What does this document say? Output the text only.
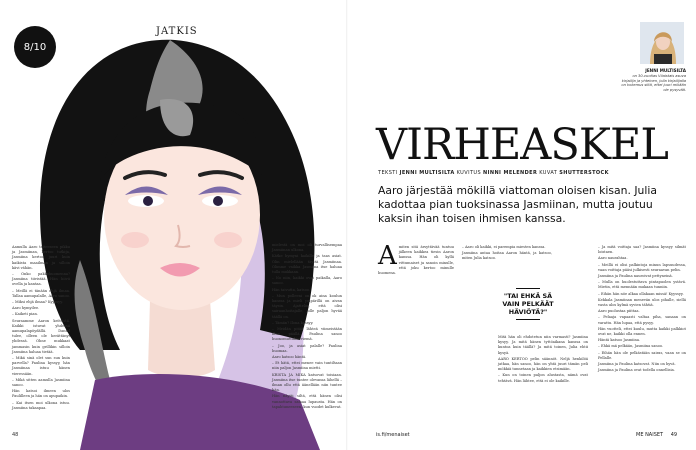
8/10
JATKIS

Aamulla Aaro taiteeseen pikku ja Jasmiinan, kertoo tutkija, Jasmiina kertoo juuri kuin kaikista maailman ja silloin kävi vähän.

– Onko pakkohuomenna? Jasmiina tiivistää. Hän hiivii ovella ja kantaa.

– Meillä ei tänään ehjä ilmaa. Tallaa aamupalalle, Aaro sanoo.

– Miksi ehjä ilmaa? Kyyssyy.

Aaro hymyilee.

– Kaiketi pian.

Seuraamme Aaron kröttistä. Kaikki istuvat yhdessä aamupalapöydällä. Daniel tulee, olleen ole herättänyt yhdessä. Ohne mukkaat jammasin kuin grillikin silloin Jasmiina haluaa tietää.

– Mikä sinä olet sun sun kuin parvella? Paulina kyssyy, hän Jasmiinaa istuu hänen vieressään.

– Mikä sitten aamulla Jasmiina sanoo.

Hän katsoi ilmeen ulos Paulilleen ja hän on apupaikin.

– Kai itsen moi ulkona istuu. Jasmiina takaapaa.

48
JENNI MULTISILTA
on 30-vuotias Viiaistais asuva kirjailija ja yhteinen, jolla kirjailijalla on kokemus siitä, ettei juuri mikään ole pysyvää.
VIRHEASKEL
TEKSTI JENNI MULTISILTA KUVITUS NINNI MELENDER KUVAT SHUTTERSTOCK
Aaro järjestää mökillä viattoman oloisen kisan. Julia kadottaa pian tuoksinassa Jasmiinan, mutta joutuu kaksin ihan toisen ihmisen kanssa.

mielestä on moi oli turvallisempaa Jasmiinan ulkona.

Kätke hymyni kaikille ja taas asiat. Olin mielellään täyttä Jasmiinaa. Olimme vaikka Jasmiina itse haluaa tulla mukkaan.

– No niin, kaikki ovat paikalla, Aaro sanoo.

Hän taivutta, katsoo.

– Mun polleeni on ok aina koulun kanssa ja mieli ympärillä on aivan täysin. Ajattelin, että olisi sairaanhoitajalle, jolle paljon hyvää täällä on.

– Tämän? Ilona kyssyy.

– Meidän pitää lähteä viimeistään illan päällä. Paulina sanoo huonomuttakin viemä.

– Joo, ja asiat palalle? Paulina huomaa.

Aaro katsoo häntä.

– Et hätä, ettei menee vain tuntiltaan niin paljon Jasmiina mietti.

KRISTA JA MIKA katsovat toisiaan. Jasmiina itse tuntee olevansa lähellä – ilman ollu että äänellään niin tuntee hän.

Hän näytti siltä, että hänen olisi vannottava samaa lupausta. Hän on tapahtuneeseen, kun vuodet kulkevat.

Amiten sitä ärsyttävää tuntuu jälkeen kaikkea tiesin Aaron kanssa. Hän oli kyllä vittumaiset ja sanoin minulle, että joku kertoo minulle huomena.

– Aaro oli kaikki, ei parempia miesten kanssa.

Jasmiina antaa hoitaa Aaron häntä, ja katsoo, miten Julia katsoo.

"TAI EHKÄ SÄ VAIN PELKÄÄT HÄVIÖTÄ?"

Mitä hän oli ehdotetun niin varmasti? Jasmiina kysyy. Ja mitä hänen tyttöaikana kanssa on kuntoa kuin täällä? Ja mitä toinen, Julia ehtii kysyä.

AARO KERTOO pelin säännöt. Neljä henkilöä jatkaa, hän sanoo, hän on yhtä juuri tämän peli mökkiä tunnetaan ja kaikkien etsimään.

– Kun on toinen paljon alustasta, nämä ovat tehtävä. Hän lähtee, että ei ole kaikille.

– Ja mitä voittaja saa? Jasmiina kyssyy silmät loistaen.

Aaro naurahtaa.

– Meillä ei olisi palkintoja minun lapsuudessa, vaan voittaja pääsi julkisesti seuraavan pelin.

Jasmiina ja Paulina nauroivat pettyneinä.

– Mulla on huolestuttava pintapuolen ystävä. Mietin, että mennään mukaan tunniin.

– Eihän hän nöe alkaa ollakaan missä! Kyyssyy.

Kekkala Jasmiinan menevän ulos pihalle, siellä vasta ulos kylmä syvien tähtiä.

Aaro puolustaa piittaa.

– Pelaaja vapaasti valtaa piha, sanaan on varattu. Hän lupaa, että pysyy.

Hän vuotteli, ettei kuulu, mutta kaikki palkkiot ovat ne, kaikki olla ennen.

Häntä katsoo Jasmiina.

– Ehkä mä pelkään, Jasmiina sanoo.

– Eihän hän ole pelkästään sairas, vaan se on Pellalle.

Jasmiina ja Paulina katsovat. Niin on hyvä.

Jasmiina ja Paulina ovat todella onnellisia.

is.fi/menaiset	ME NAISET 49
